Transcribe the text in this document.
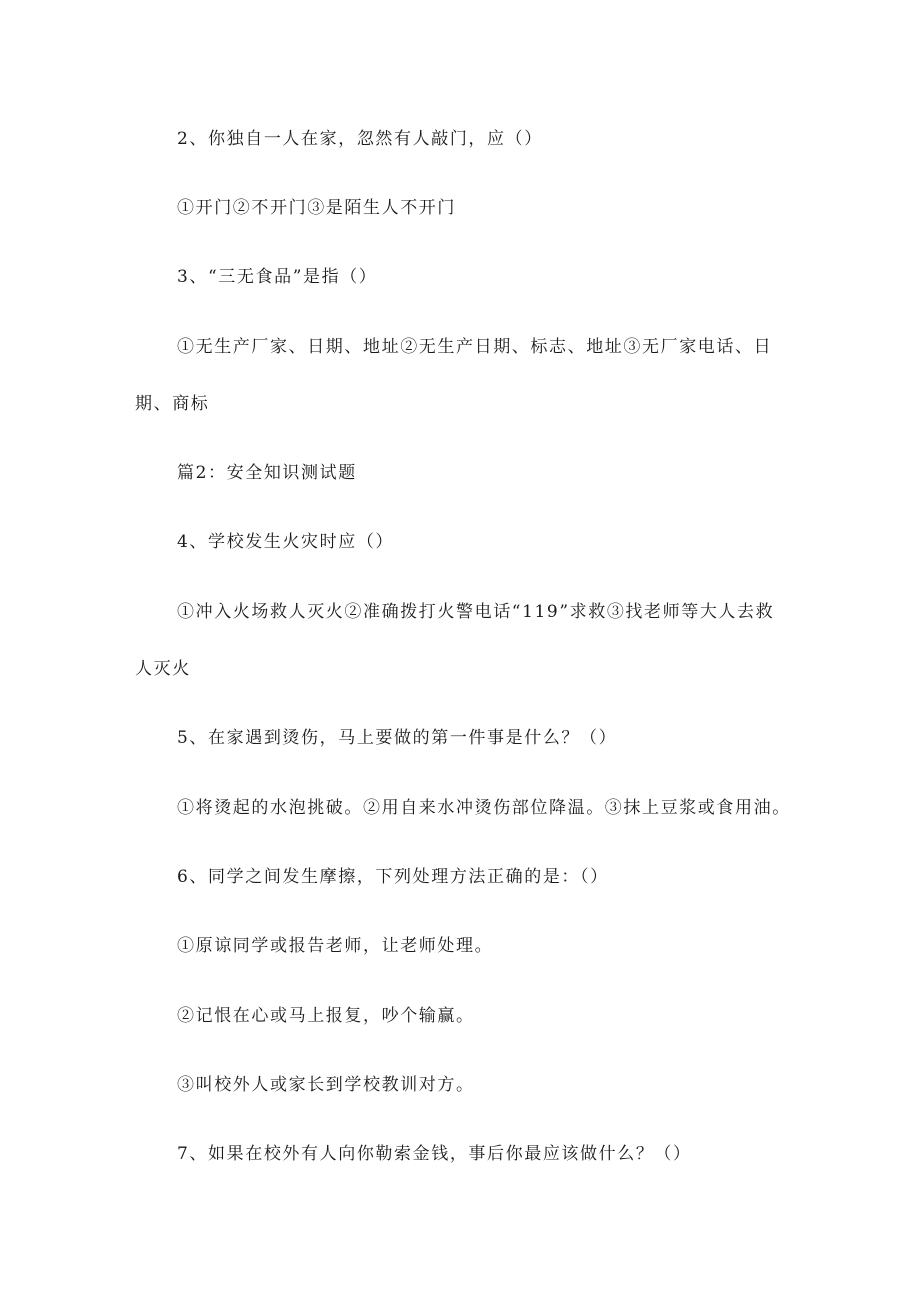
2、你独自一人在家，忽然有人敲门，应（）
①开门②不开门③是陌生人不开门
3、“三无食品”是指（）
①无生产厂家、日期、地址②无生产日期、标志、地址③无厂家电话、日
期、商标
篇2：安全知识测试题
4、学校发生火灾时应（）
①冲入火场救人灭火②准确拨打火警电话“119”求救③找老师等大人去救
人灭火
5、在家遇到烫伤，马上要做的第一件事是什么？（）
①将烫起的水泡挑破。②用自来水冲烫伤部位降温。③抹上豆浆或食用油。
6、同学之间发生摩擦，下列处理方法正确的是：（）
①原谅同学或报告老师，让老师处理。
②记恨在心或马上报复，吵个输赢。
③叫校外人或家长到学校教训对方。
7、如果在校外有人向你勒索金钱，事后你最应该做什么？（）
